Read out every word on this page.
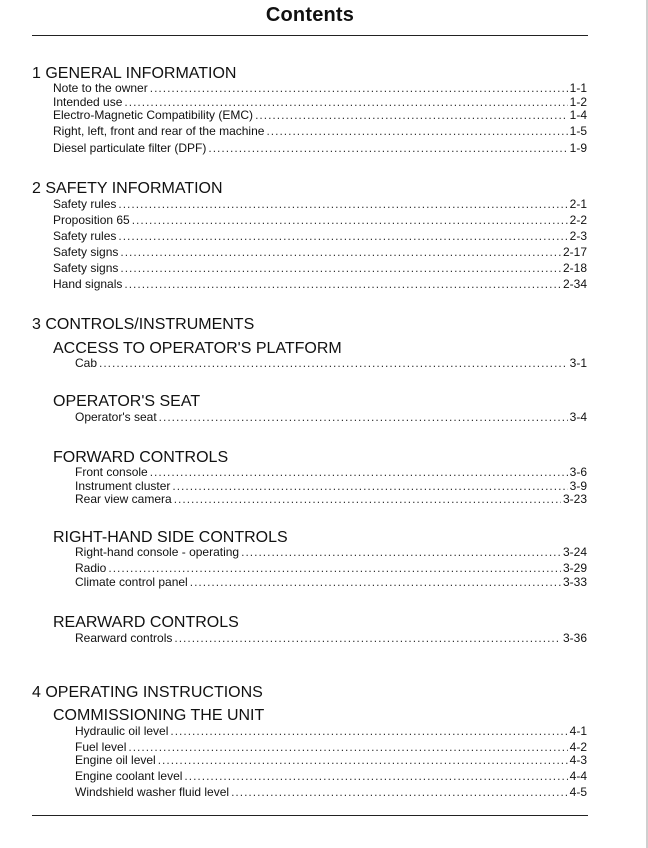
Contents
1 GENERAL INFORMATION
Note to the owner .....	1-1
Intended use .....	1-2
Electro-Magnetic Compatibility (EMC) .....	1-4
Right, left, front and rear of the machine .....	1-5
Diesel particulate filter (DPF) .....	1-9
2 SAFETY INFORMATION
Safety rules .....	2-1
Proposition 65 .....	2-2
Safety rules .....	2-3
Safety signs .....	2-17
Safety signs .....	2-18
Hand signals .....	2-34
3 CONTROLS/INSTRUMENTS
ACCESS TO OPERATOR'S PLATFORM
Cab .....	3-1
OPERATOR'S SEAT
Operator's seat .....	3-4
FORWARD CONTROLS
Front console .....	3-6
Instrument cluster .....	3-9
Rear view camera .....	3-23
RIGHT-HAND SIDE CONTROLS
Right-hand console - operating .....	3-24
Radio .....	3-29
Climate control panel .....	3-33
REARWARD CONTROLS
Rearward controls .....	3-36
4 OPERATING INSTRUCTIONS
COMMISSIONING THE UNIT
Hydraulic oil level .....	4-1
Fuel level .....	4-2
Engine oil level .....	4-3
Engine coolant level .....	4-4
Windshield washer fluid level .....	4-5
